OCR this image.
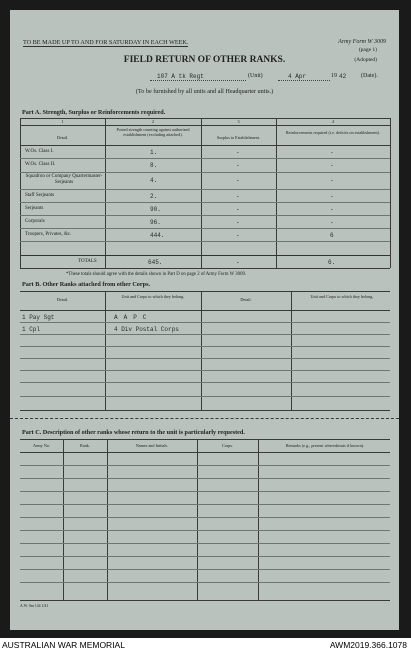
TO BE MADE UP TO AND FOR SATURDAY IN EACH WEEK.	Army Form W 3009
(page 1)
(Adopted)
FIELD RETURN OF OTHER RANKS.
107 A tk Regt	(Unit)	4 Apr	19 42 (Date).
(To be furnished by all units and all Headquarter units.)
Part A. Strength, Surplus or Reinforcements required.
1	2	3	4
Detail.
Posted strength counting against authorized establishment (excluding attached).
Surplus to Establishment.
Reinforcements required (i.e. deficits on establishment).
W.Os. Class I.	1.	-	-
W.Os. Class II.	8.	-	-
Squadron or Company Quartermaster-Serjeants	4.	-	-
Staff Serjeants	2.	-	-
Serjeants	90.	-	-
Corporals	96.	-	-
Troopers, Privates, &c.	444.	-	6
TOTALS	645.	-	6.
*These totals should agree with the details shown in Part D on page 2 of Army Form W 3009.
Part B. Other Ranks attached from other Corps.
Detail.
Unit and Corps to which they belong.
Detail.
Unit and Corps to which they belong.
1 Pay Sgt	A A P C
1 Cpl	4 Div Postal Corps
Part C. Description of other ranks whose return to the unit is particularly requested.
Army No.	Rank.	Names and Initials.	Corps.	Remarks (e.g., present whereabouts if known).
A.W. Sm 144 1/41
AUSTRALIAN WAR MEMORIAL	AWM2019.366.1078
